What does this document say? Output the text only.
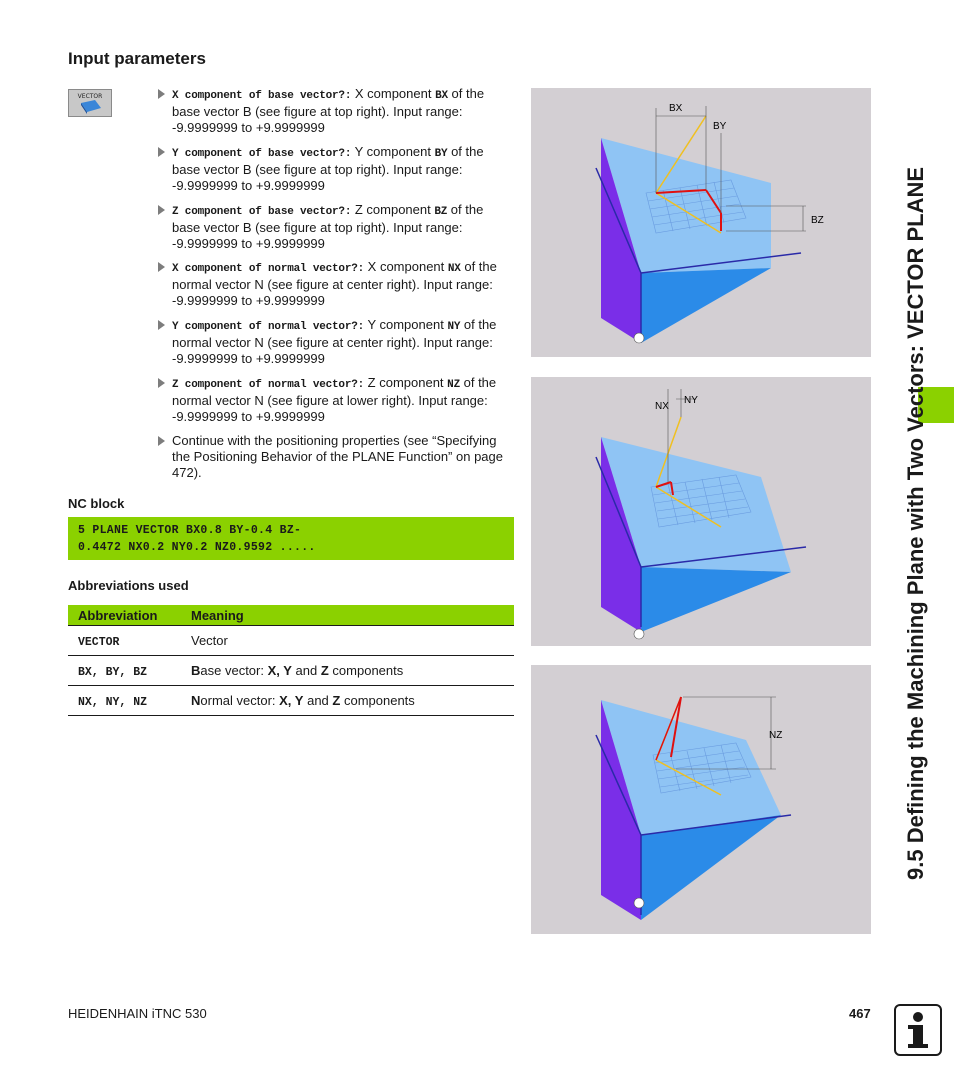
Input parameters
VECTOR	X component of base vector?: X component BX of the base vector B (see figure at top right). Input range: -9.9999999 to +9.9999999
Y component of base vector?: Y component BY of the base vector B (see figure at top right). Input range: -9.9999999 to +9.9999999
Z component of base vector?: Z component BZ of the base vector B (see figure at top right). Input range: -9.9999999 to +9.9999999
X component of normal vector?: X component NX of the normal vector N (see figure at center right). Input range: -9.9999999 to +9.9999999
Y component of normal vector?: Y component NY of the normal vector N (see figure at center right). Input range: -9.9999999 to +9.9999999
Z component of normal vector?: Z component NZ of the normal vector N (see figure at lower right). Input range: -9.9999999 to +9.9999999
Continue with the positioning properties (see “Specifying the Positioning Behavior of the PLANE Function” on page 472).
NC block
5 PLANE VECTOR BX0.8 BY-0.4 BZ-
0.4472 NX0.2 NY0.2 NZ0.9592 .....
Abbreviations used
Abbreviation	Meaning
VECTOR	Vector
BX, BY, BZ	Base vector: X, Y and Z components
NX, NY, NZ	Normal vector: X, Y and Z components
BX
BY
BZ
NX
NY
NZ	9.5 Defining the Machining Plane with Two Vectors: VECTOR PLANE
HEIDENHAIN iTNC 530	467
